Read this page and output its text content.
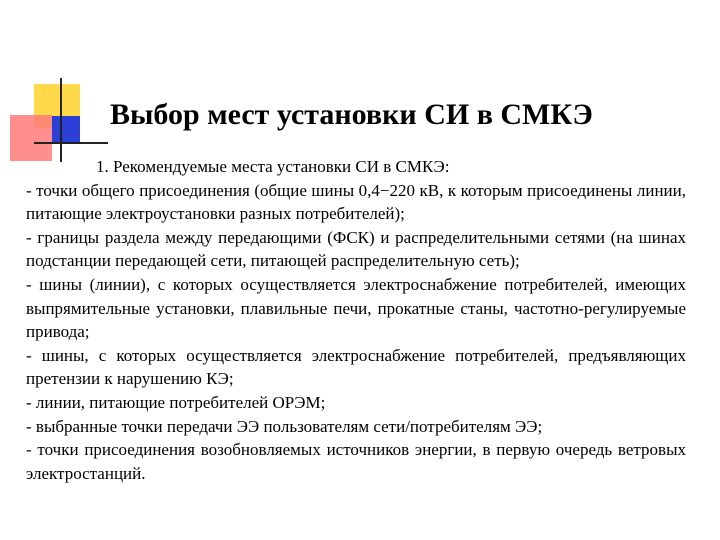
Выбор мест установки СИ в СМКЭ

1. Рекомендуемые места установки СИ в СМКЭ:

- точки общего присоединения (общие шины 0,4−220 кВ, к которым присоединены линии, питающие электроустановки разных потребителей);

- границы раздела между передающими (ФСК) и распределительными сетями (на шинах подстанции передающей сети, питающей распределительную сеть);

- шины (линии), с которых осуществляется электроснабжение потребителей, имеющих выпрямительные установки, плавильные печи, прокатные станы, частотно-регулируемые привода;

- шины, с которых осуществляется электроснабжение потребителей, предъявляющих претензии к нарушению КЭ;

- линии, питающие потребителей ОРЭМ;

- выбранные точки передачи ЭЭ пользователям сети/потребителям ЭЭ;

- точки присоединения возобновляемых источников энергии, в первую очередь ветровых электростанций.
